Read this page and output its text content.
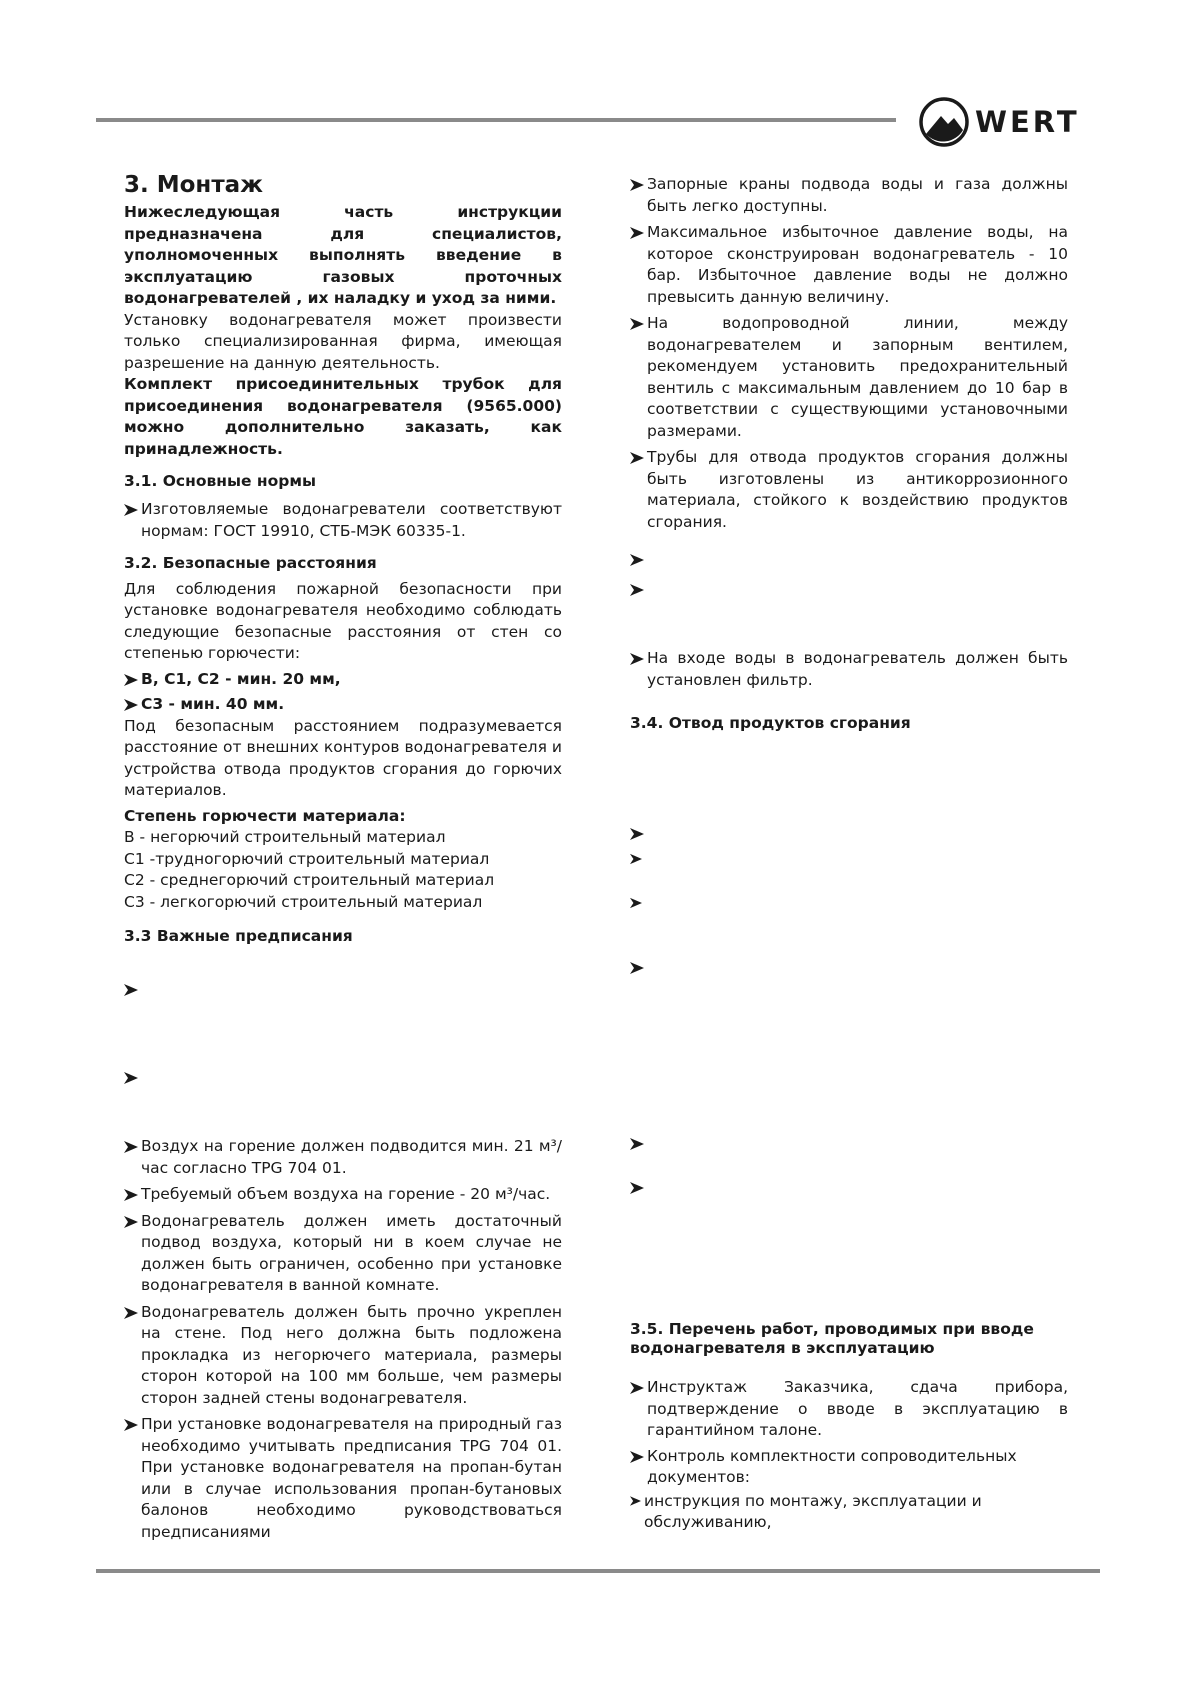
WERT
3. Монтаж

Нижеследующая часть инструкции предназначена для специалистов, уполномоченных выполнять введение в эксплуатацию газовых проточных водонагревателей , их наладку и уход за ними.

Установку водонагревателя может произвести только специализированная фирма, имеющая разрешение на данную деятельность.

Комплект присоединительных трубок для присоединения водонагревателя (9565.000) можно дополнительно заказать, как принадлежность.

3.1. Основные нормы
Изготовляемые водонагреватели соответствуют нормам: ГОСТ 19910, СТБ-МЭК 60335-1.
3.2. Безопасные расстояния

Для соблюдения пожарной безопасности при установке водонагревателя необходимо соблюдать следующие безопасные расстояния от стен со степенью горючести:

B, C1, C2 - мин. 20 мм,
C3 - мин. 40 мм.

Под безопасным расстоянием подразумевается расстояние от внешних контуров водонагревателя и устройства отвода продуктов сгорания до горючих материалов.

Степень горючести материала:

B - негорючий строительный материал

C1 -трудногорючий строительный материал

C2 - среднегорючий строительный материал

C3 - легкогорючий строительный материал

3.3 Важные предписания
Воздух на горение должен подводится мин. 21 м³/час согласно TPG 704 01.
Требуемый объем воздуха на горение - 20 м³/час.
Водонагреватель должен иметь достаточный подвод воздуха, который ни в коем случае не должен быть ограничен, особенно при установке водонагревателя в ванной комнате.
Водонагреватель должен быть прочно укреплен на стене. Под него должна быть подложена прокладка из негорючего материала, размеры сторон которой на 100 мм больше, чем размеры сторон задней стены водонагревателя.
При установке водонагревателя на природный газ необходимо учитывать предписания TPG 704 01. При установке водонагревателя на пропан-бутан или в случае использования пропан-бутановых балонов необходимо руководствоваться предписаниями
Запорные краны подвода воды и газа должны быть легко доступны.
Максимальное избыточное давление воды, на которое сконструирован водонагреватель - 10 бар. Избыточное давление воды не должно превысить данную величину.
На водопроводной линии, между водонагревателем и запорным вентилем, рекомендуем установить предохранительный вентиль с максимальным давлением до 10 бар в соответствии с существующими установочными размерами.
Трубы для отвода продуктов сгорания должны быть изготовлены из антикоррозионного материала, стойкого к воздействию продуктов сгорания.
На входе воды в водонагреватель должен быть установлен фильтр.
3.4. Отвод продуктов сгорания
3.5. Перечень работ, проводимых при вводе водонагревателя в эксплуатацию
Инструктаж Заказчика, сдача прибора, подтверждение о вводе в эксплуатацию в гарантийном талоне.
Контроль комплектности сопроводительных документов:
инструкция по монтажу, эксплуатации и обслуживанию,
